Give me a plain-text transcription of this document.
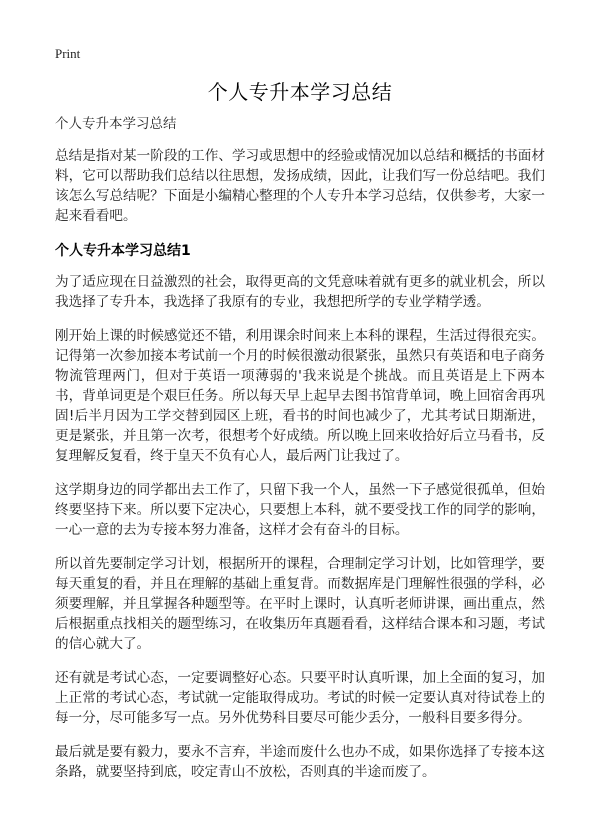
Print
个人专升本学习总结
个人专升本学习总结

总结是指对某一阶段的工作、学习或思想中的经验或情况加以总结和概括的书面材料，它可以帮助我们总结以往思想，发扬成绩，因此，让我们写一份总结吧。我们该怎么写总结呢？下面是小编精心整理的个人专升本学习总结，仅供参考，大家一起来看看吧。

个人专升本学习总结1

为了适应现在日益激烈的社会，取得更高的文凭意味着就有更多的就业机会，所以我选择了专升本，我选择了我原有的专业，我想把所学的专业学精学透。

刚开始上课的时候感觉还不错，利用课余时间来上本科的课程，生活过得很充实。记得第一次参加接本考试前一个月的时候很激动很紧张，虽然只有英语和电子商务物流管理两门，但对于英语一项薄弱的'我来说是个挑战。而且英语是上下两本书，背单词更是个艰巨任务。所以每天早上起早去图书馆背单词，晚上回宿舍再巩固!后半月因为工学交替到园区上班，看书的时间也减少了，尤其考试日期渐进，更是紧张，并且第一次考，很想考个好成绩。所以晚上回来收拾好后立马看书，反复理解反复看，终于皇天不负有心人，最后两门让我过了。

这学期身边的同学都出去工作了，只留下我一个人，虽然一下子感觉很孤单，但始终要坚持下来。所以要下定决心，只要想上本科，就不要受找工作的同学的影响，一心一意的去为专接本努力准备，这样才会有奋斗的目标。

所以首先要制定学习计划，根据所开的课程，合理制定学习计划，比如管理学，要每天重复的看，并且在理解的基础上重复背。而数据库是门理解性很强的学科，必须要理解，并且掌握各种题型等。在平时上课时，认真听老师讲课，画出重点，然后根据重点找相关的题型练习，在收集历年真题看看，这样结合课本和习题，考试的信心就大了。

还有就是考试心态，一定要调整好心态。只要平时认真听课，加上全面的复习，加上正常的考试心态，考试就一定能取得成功。考试的时候一定要认真对待试卷上的每一分，尽可能多写一点。另外优势科目要尽可能少丢分，一般科目要多得分。

最后就是要有毅力，要永不言弃，半途而废什么也办不成，如果你选择了专接本这条路，就要坚持到底，咬定青山不放松，否则真的半途而废了。
